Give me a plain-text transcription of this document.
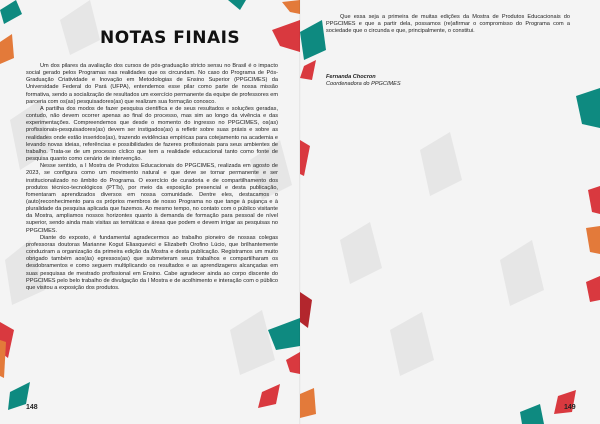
NOTAS FINAIS

Um dos pilares da avaliação dos cursos de pós-graduação stricto sensu no Brasil é o impacto social gerado pelos Programas nas realidades que os circundam. No caso do Programa de Pós-Graduação Criatividade e Inovação em Metodologias de Ensino Superior (PPGCIMES) da Universidade Federal do Pará (UFPA), entendemos esse pilar como parte de nossa missão formativa, sendo a socialização de resultados um exercício permanente da equipe de professores em parceria com os(as) pesquisadores(as) que realizam sua formação conosco.

A partilha dos modos de fazer pesquisa científica e de seus resultados e soluções geradas, contudo, não devem ocorrer apenas ao final do processo, mas sim ao longo da vivência e das experimentações. Compreendemos que desde o momento do ingresso no PPGCIMES, os(as) profissionais-pesquisadores(as) devem ser instigados(as) a refletir sobre suas práxis e sobre as realidades onde estão inseridos(as), trazendo evidências empíricas para cotejamento na academia e levando novas ideias, referências e possibilidades de fazeres profissionais para seus ambientes de trabalho. Trata-se de um processo cíclico que tem a realidade educacional tanto como fonte de pesquisa quanto como cenário de intervenção.

Nesse sentido, a I Mostra de Produtos Educacionais do PPGCIMES, realizada em agosto de 2023, se configura como um movimento natural e que deve se tornar permanente e ser institucionalizado no âmbito do Programa. O exercício de curadoria e de compartilhamento dos produtos técnico-tecnológicos (PTTs), por meio da exposição presencial e desta publicação, fomentaram aprendizados diversos em nossa comunidade. Dentre eles, destacamos o (auto)reconhecimento para os próprios membros de nosso Programa no que tange à pujança e à pluralidade da pesquisa aplicada que fazemos. Ao mesmo tempo, no contato com o público visitante da Mostra, ampliamos nossos horizontes quanto à demanda de formação para pessoal de nível superior, sendo ainda mais visitas as temáticas e áreas que podem e devem irrigar as pesquisas no PPGCIMES.

Diante do exposto, é fundamental agradecermos ao trabalho pioneiro de nossas colegas professoras doutoras Marianne Kogut Eliasquevici e Elizabeth Orofino Lúcio, que brilhantemente conduziram a organização da primeira edição da Mostra e desta publicação. Registramos um muito obrigado também aos(às) egressos(as) que submeteram seus trabalhos e compartilharam os desdobramentos e como seguem multiplicando os resultados e as aprendizagens alcançadas em suas pesquisas de mestrado profissional em Ensino. Cabe agradecer ainda ao corpo discente do PPGCIMES pelo belo trabalho de divulgação da I Mostra e de acolhimento e interação com o público que visitou a exposição dos produtos.

148

Que essa seja a primeira de muitas edições da Mostra de Produtos Educacionais do PPGCIMES e que a partir dela, possamos (re)afirmar o compromisso do Programa com a sociedade que o circunda e que, principalmente, o constitui.

Fernanda Chocron
Coordenadora do PPGCIMES
149
